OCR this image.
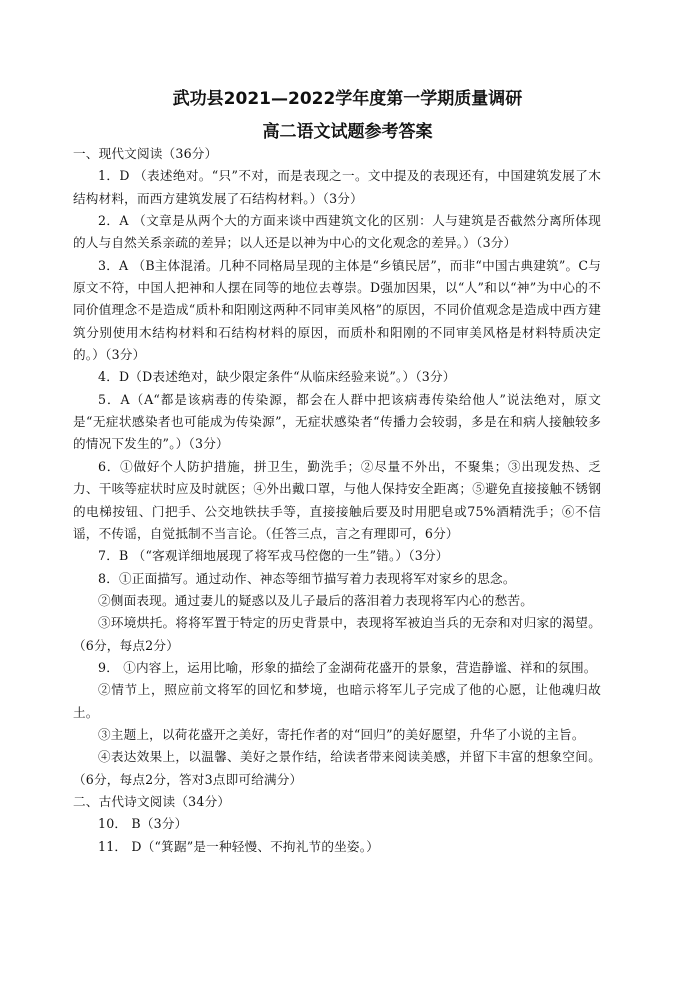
武功县2021—2022学年度第一学期质量调研
高二语文试题参考答案

一、现代文阅读（36分）

1．D （表述绝对。“只”不对，而是表现之一。文中提及的表现还有，中国建筑发展了木结构材料，而西方建筑发展了石结构材料。）（3分）

2．A （文章是从两个大的方面来谈中西建筑文化的区别：人与建筑是否截然分离所体现的人与自然关系亲疏的差异；以人还是以神为中心的文化观念的差异。）（3分）

3．A （B主体混淆。几种不同格局呈现的主体是“乡镇民居”，而非“中国古典建筑”。C与原文不符，中国人把神和人摆在同等的地位去尊崇。D强加因果，以“人”和以“神”为中心的不同价值理念不是造成“质朴和阳刚这两种不同审美风格”的原因，不同价值观念是造成中西方建筑分别使用木结构材料和石结构材料的原因，而质朴和阳刚的不同审美风格是材料特质决定的。）（3分）

4．D（D表述绝对，缺少限定条件“从临床经验来说”。）（3分）

5．A（A“都是该病毒的传染源，都会在人群中把该病毒传染给他人”说法绝对，原文是“无症状感染者也可能成为传染源”，无症状感染者“传播力会较弱，多是在和病人接触较多的情况下发生的”。）（3分）

6．①做好个人防护措施，拼卫生，勤洗手；②尽量不外出，不聚集；③出现发热、乏力、干咳等症状时应及时就医；④外出戴口罩，与他人保持安全距离；⑤避免直接接触不锈钢的电梯按钮、门把手、公交地铁扶手等，直接接触后要及时用肥皂或75%酒精洗手；⑥不信谣，不传谣，自觉抵制不当言论。（任答三点，言之有理即可，6分）

7．B （“客观详细地展现了将军戎马倥偬的一生”错。）（3分）

8．①正面描写。通过动作、神态等细节描写着力表现将军对家乡的思念。

②侧面表现。通过妻儿的疑惑以及儿子最后的落泪着力表现将军内心的愁苦。

③环境烘托。将将军置于特定的历史背景中，表现将军被迫当兵的无奈和对归家的渴望。（6分，每点2分）

9． ①内容上，运用比喻，形象的描绘了金湖荷花盛开的景象，营造静谧、祥和的氛围。

②情节上，照应前文将军的回忆和梦境，也暗示将军儿子完成了他的心愿，让他魂归故土。

③主题上，以荷花盛开之美好，寄托作者的对“回归”的美好愿望，升华了小说的主旨。

④表达效果上，以温馨、美好之景作结，给读者带来阅读美感，并留下丰富的想象空间。（6分，每点2分，答对3点即可给满分）

二、古代诗文阅读（34分）

10． B（3分）

11． D（“箕踞”是一种轻慢、不拘礼节的坐姿。）
